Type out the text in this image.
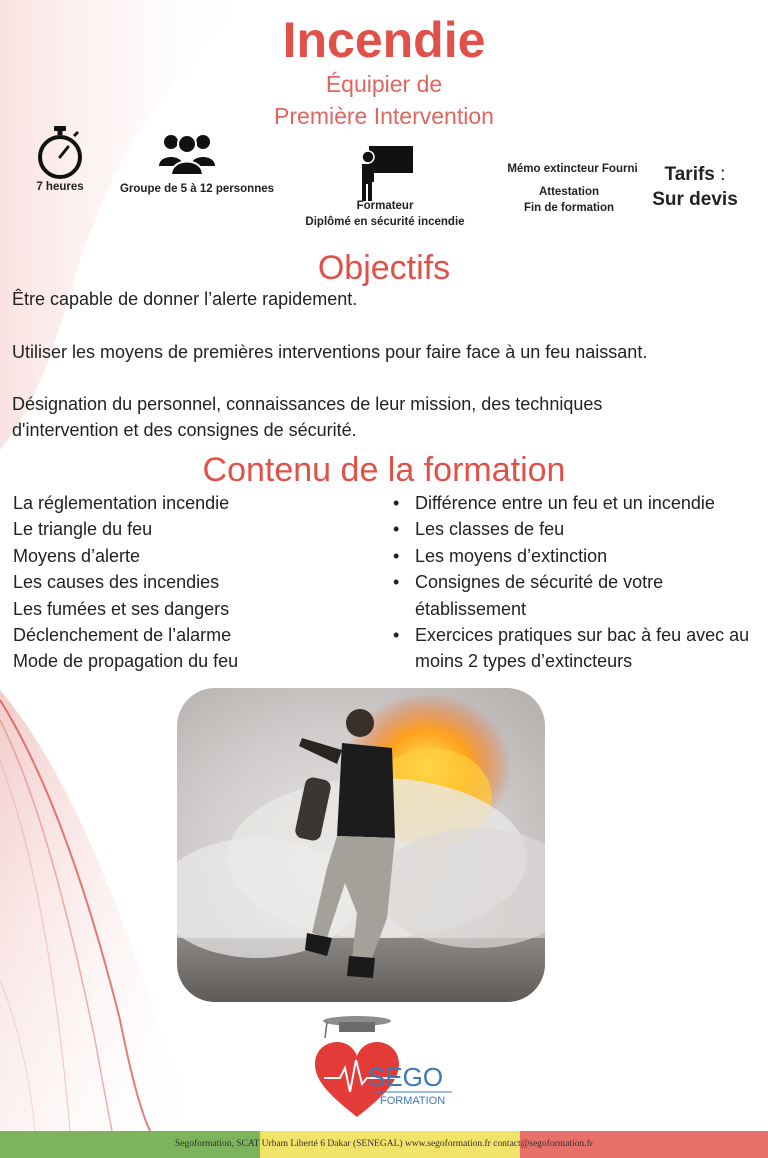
Incendie
Équipier de
Première Intervention
7 heures	Groupe de 5 à 12 personnes
Formateur
Diplômé en sécurité incendie
Mémo extincteur Fourni
Attestation
Fin de formation
Tarifs :
Sur devis
Objectifs
Être capable de donner l’alerte rapidement.
Utiliser les moyens de premières interventions pour faire face à un feu naissant.
Désignation du personnel, connaissances de leur mission, des techniques d'intervention et des consignes de sécurité.
Contenu de la formation
La réglementation incendie
Le triangle du feu
Moyens d’alerte
Les causes des incendies
Les fumées et ses dangers
Déclenchement de l’alarme
Mode de propagation du feu
• Différence entre un feu et un incendie
• Les classes de feu
• Les moyens d’extinction
• Consignes de sécurité de votre établissement
• Exercices pratiques sur bac à feu avec au moins 2 types d’extincteurs
SEGO
FORMATION
Segoformation, SCAT Urbam Liberté 6 Dakar (SENEGAL) www.segoformation.fr contact@segoformation.fr
